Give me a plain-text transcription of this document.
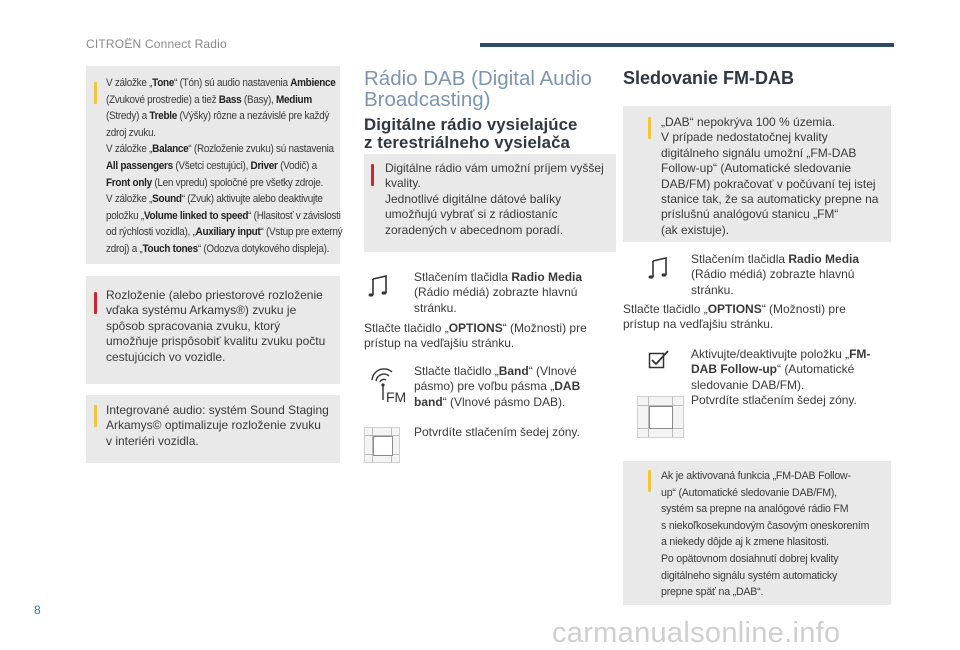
CITROËN Connect Radio
V záložke „Tone“ (Tón) sú audio nastavenia Ambience
(Zvukové prostredie) a tiež Bass (Basy), Medium
(Stredy) a Treble (Výšky) rôzne a nezávislé pre každý
zdroj zvuku.
V záložke „Balance“ (Rozloženie zvuku) sú nastavenia
All passengers (Všetci cestujúci), Driver (Vodič) a
Front only (Len vpredu) spoločné pre všetky zdroje.
V záložke „Sound“ (Zvuk) aktivujte alebo deaktivujte
položku „Volume linked to speed“ (Hlasitosť v závislosti
od rýchlosti vozidla), „Auxiliary input“ (Vstup pre externý
zdroj) a „Touch tones“ (Odozva dotykového displeja).
Rozloženie (alebo priestorové rozloženie
vďaka systému Arkamys®) zvuku je
spôsob spracovania zvuku, ktorý
umožňuje prispôsobiť kvalitu zvuku počtu
cestujúcich vo vozidle.
Integrované audio: systém Sound Staging
Arkamys© optimalizuje rozloženie zvuku
v interiéri vozidla.
Rádio DAB (Digital Audio
Broadcasting)
Digitálne rádio vysielajúce
z terestriálneho vysielača
Digitálne rádio vám umožní príjem vyššej
kvality.
Jednotlivé digitálne dátové balíky
umožňujú vybrať si z rádiostaníc
zoradených v abecednom poradí.
Stlačením tlačidla Radio Media
(Rádio médiá) zobrazte hlavnú
stránku.
Stlačte tlačidlo „OPTIONS“ (Možnosti) pre
prístup na vedľajšiu stránku.
FM
Stlačte tlačidlo „Band“ (Vlnové
pásmo) pre voľbu pásma „DAB
band“ (Vlnové pásmo DAB).
Potvrdíte stlačením šedej zóny.
Sledovanie FM-DAB
„DAB“ nepokrýva 100 % územia.
V prípade nedostatočnej kvality
digitálneho signálu umožní „FM-DAB
Follow-up“ (Automatické sledovanie
DAB/FM) pokračovať v počúvaní tej istej
stanice tak, že sa automaticky prepne na
príslušnú analógovú stanicu „FM“
(ak existuje).
Stlačením tlačidla Radio Media
(Rádio médiá) zobrazte hlavnú
stránku.
Stlačte tlačidlo „OPTIONS“ (Možnosti) pre
prístup na vedľajšiu stránku.
Aktivujte/deaktivujte položku „FM-
DAB Follow-up“ (Automatické
sledovanie DAB/FM).
Potvrdíte stlačením šedej zóny.
Ak je aktivovaná funkcia „FM-DAB Follow-
up“ (Automatické sledovanie DAB/FM),
systém sa prepne na analógové rádio FM
s niekoľkosekundovým časovým oneskorením
a niekedy dôjde aj k zmene hlasitosti.
Po opätovnom dosiahnutí dobrej kvality
digitálneho signálu systém automaticky
prepne späť na „DAB“.
8
carmanualsonline.info
